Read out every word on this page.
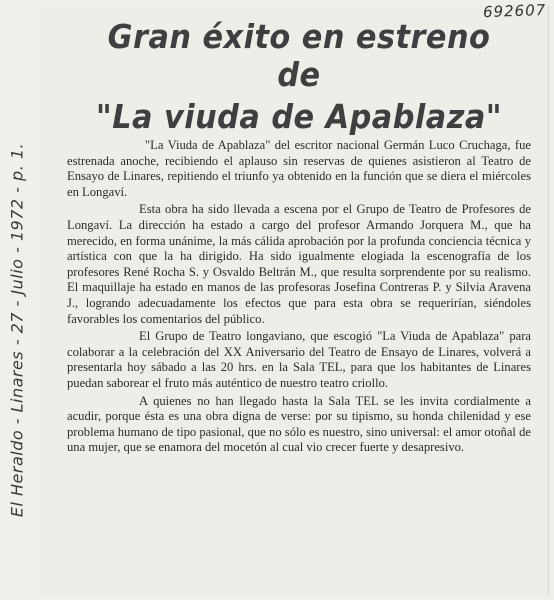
692607
El Heraldo - Linares - 27 - Julio - 1972 - p. 1.
Gran éxito en estreno de
"La viuda de Apablaza"

"La Viuda de Apablaza" del escritor nacional Germán Luco Cruchaga, fue estrenada anoche, recibiendo el aplauso sin reservas de quienes asistieron al Teatro de Ensayo de Linares, repitiendo el triunfo ya obtenido en la función que se diera el miércoles en Longaví.

Esta obra ha sido llevada a escena por el Grupo de Teatro de Profesores de Longaví. La dirección ha estado a cargo del profesor Armando Jorquera M., que ha merecido, en forma unánime, la más cálida aprobación por la profunda conciencia técnica y artística con que la ha dirigido. Ha sido igualmente elogiada la escenografía de los profesores René Rocha S. y Osvaldo Beltrán M., que resulta sorprendente por su realismo. El maquillaje ha estado en manos de las profesoras Josefina Contreras P. y Silvia Aravena J., logrando adecuadamente los efectos que para esta obra se requerirían, siéndoles favorables los comentarios del público.

El Grupo de Teatro longaviano, que escogió "La Viuda de Apablaza" para colaborar a la celebración del XX Aniversario del Teatro de Ensayo de Linares, volverá a presentarla hoy sábado a las 20 hrs. en la Sala TEL, para que los habitantes de Linares puedan saborear el fruto más auténtico de nuestro teatro criollo.

A quienes no han llegado hasta la Sala TEL se les invita cordialmente a acudir, porque ésta es una obra digna de verse: por su tipismo, su honda chilenidad y ese problema humano de tipo pasional, que no sólo es nuestro, sino universal: el amor otoñal de una mujer, que se enamora del mocetón al cual vio crecer fuerte y desapresivo.
